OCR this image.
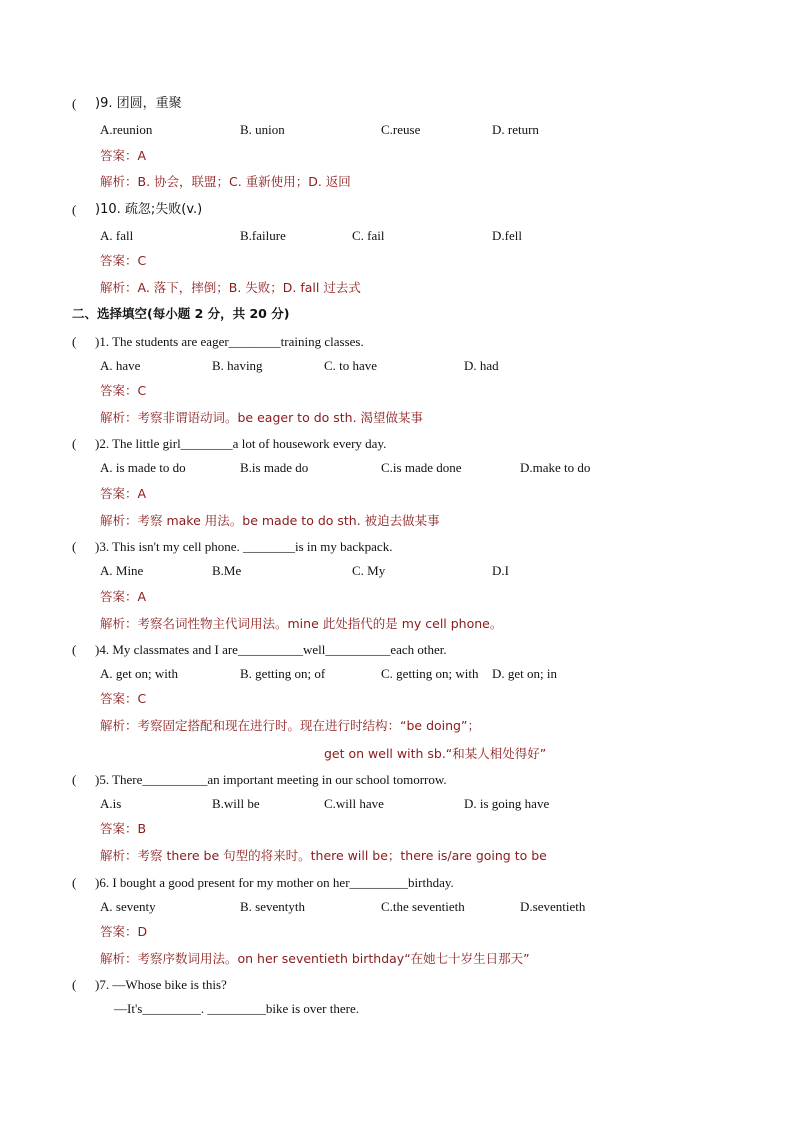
( )9. 团圆，重聚
A.reunion	B. union	C.reuse	D. return
答案：A
解析：B. 协会，联盟；C. 重新使用；D. 返回
( )10. 疏忽;失败(v.)
A. fall	B.failure	C. fail	D.fell
答案：C
解析：A. 落下，摔倒；B. 失败；D. fall 过去式
二、选择填空(每小题 2 分，共 20 分)
( )1. The students are eager________training classes.
A. have	B. having	C. to have	D. had
答案：C
解析：考察非谓语动词。be eager to do sth. 渴望做某事
( )2. The little girl________a lot of housework every day.
A. is made to do	B.is made do	C.is made done	D.make to do
答案：A
解析：考察 make 用法。be made to do sth. 被迫去做某事
( )3. This isn't my cell phone. ________is in my backpack.
A. Mine	B.Me	C. My	D.I
答案：A
解析：考察名词性物主代词用法。mine 此处指代的是 my cell phone。
( )4. My classmates and I are__________well__________each other.
A. get on; with	B. getting on; of	C. getting on; with D. get on; in
答案：C
解析：考察固定搭配和现在进行时。现在进行时结构：“be doing”；
get on well with sb.“和某人相处得好”
( )5. There__________an important meeting in our school tomorrow.
A.is	B.will be	C.will have	D. is going have
答案：B
解析：考察 there be 句型的将来时。there will be；there is/are going to be
( )6. I bought a good present for my mother on her_________birthday.
A. seventy	B. seventyth	C.the seventieth	D.seventieth
答案：D
解析：考察序数词用法。on her seventieth birthday“在她七十岁生日那天”
( )7. —Whose bike is this?
—It's_________. _________bike is over there.
